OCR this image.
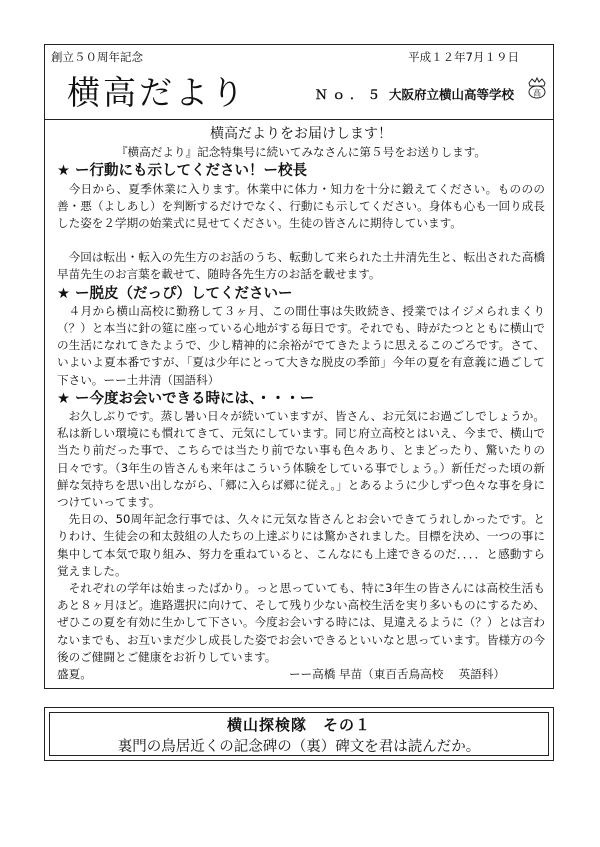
創立５０周年記念	平成１２年7月１９日
横高だより	Ｎｏ．５ 大阪府立横山高等学校 高

横高だよりをお届けします！

『横高だより』記念特集号に続いてみなさんに第５号をお送りします。

★ ー行動にも示してください！ー校長

今日から、夏季休業に入ります。休業中に体力・知力を十分に鍛えてください。もののの善・悪（よしあし）を判断するだけでなく、行動にも示してください。身体も心も一回り成長した姿を２学期の始業式に見せてください。生徒の皆さんに期待しています。

今回は転出・転入の先生方のお話のうち、転動して来られた土井清先生と、転出された高橋早苗先生のお言葉を載せて、随時各先生方のお話を載せます。

★ ー脱皮（だっぴ）してくださいー

４月から横山高校に勤務して３ヶ月、この間仕事は失敗続き、授業ではイジメられまくり（？）と本当に針の筵に座っている心地がする毎日です。それでも、時がたつとともに横山での生活になれてきたようで、少し精神的に余裕がでてきたように思えるこのごろです。さて、いよいよ夏本番ですが、「夏は少年にとって大きな脱皮の季節」今年の夏を有意義に過ごして下さい。ーー土井清（国語科）

★ ー今度お会いできる時には、・・・ー

お久しぶりです。蒸し暑い日々が続いていますが、皆さん、お元気にお過ごしでしょうか。私は新しい環境にも慣れてきて、元気にしています。同じ府立高校とはいえ、今まで、横山で当たり前だった事で、こちらでは当たり前でない事も色々あり、とまどったり、驚いたりの日々です。（3年生の皆さんも来年はこういう体験をしている事でしょう。）新任だった頃の新鮮な気持ちを思い出しながら、「郷に入らば郷に従え。」とあるように少しずつ色々な事を身につけていってます。

先日の、50周年記念行事では、久々に元気な皆さんとお会いできてうれしかったです。とりわけ、生徒会の和太鼓組の人たちの上達ぶりには驚かされました。目標を決め、一つの事に集中して本気で取り組み、努力を重ねていると、こんなにも上達できるのだ．．．．と感動すら覚えました。

それぞれの学年は始まったばかり。っと思っていても、特に3年生の皆さんには高校生活もあと８ヶ月ほど。進路選択に向けて、そして残り少ない高校生活を実り多いものにするため、ぜひこの夏を有効に生かして下さい。今度お会いする時には、見違えるように（？）とは言わないまでも、お互いまだ少し成長した姿でお会いできるといいなと思っています。皆様方の今後のご健闘とご健康をお祈りしています。

盛夏。	ーー高橋 早苗（東百舌鳥高校　 英語科）
横山探検隊　その１
裏門の鳥居近くの記念碑の（裏）碑文を君は読んだか。
